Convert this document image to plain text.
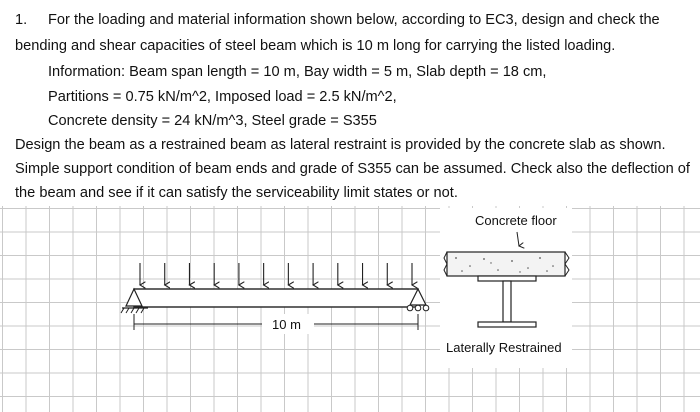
1. For the loading and material information shown below, according to EC3, design and check the
bending and shear capacities of steel beam which is 10 m long for carrying the listed loading.
Information: Beam span length = 10 m, Bay width = 5 m, Slab depth = 18 cm,
Partitions = 0.75 kN/m^2, Imposed load = 2.5 kN/m^2,
Concrete density = 24 kN/m^3, Steel grade = S355
Design the beam as a restrained beam as lateral restraint is provided by the concrete slab as shown.
Simple support condition of beam ends and grade of S355 can be assumed. Check also the deflection of
the beam and see if it can satisfy the serviceability limit states or not.
10 m
Concrete floor
Laterally Restrained
